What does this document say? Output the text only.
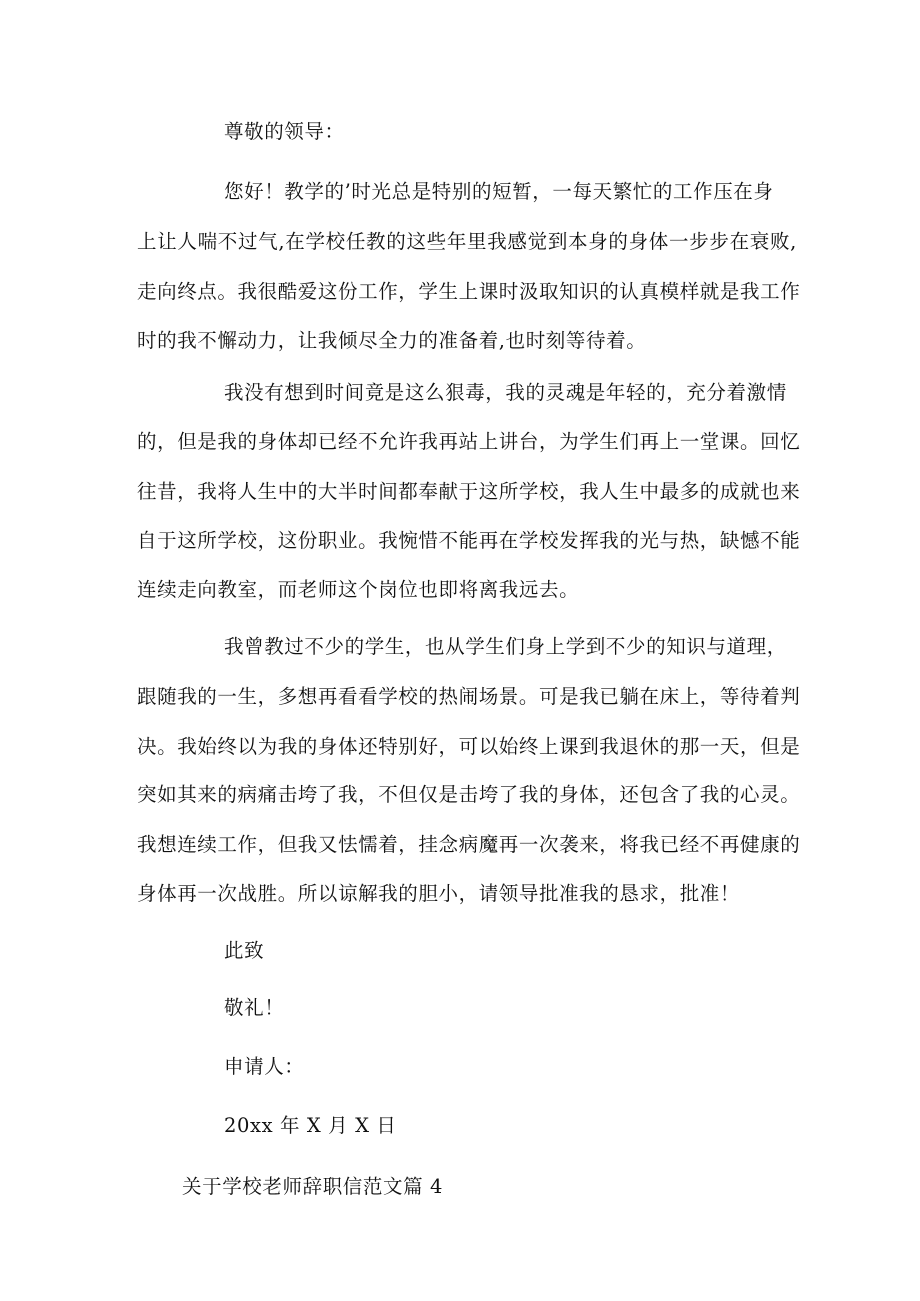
尊敬的领导：
您好！教学的’时光总是特别的短暂，一每天繁忙的工作压在身
上让人喘不过气,在学校任教的这些年里我感觉到本身的身体一步步在衰败,
走向终点。我很酷爱这份工作，学生上课时汲取知识的认真模样就是我工作
时的我不懈动力，让我倾尽全力的准备着,也时刻等待着。
我没有想到时间竟是这么狠毒，我的灵魂是年轻的，充分着激情
的，但是我的身体却已经不允许我再站上讲台，为学生们再上一堂课。回忆
往昔，我将人生中的大半时间都奉献于这所学校，我人生中最多的成就也来
自于这所学校，这份职业。我惋惜不能再在学校发挥我的光与热，缺憾不能
连续走向教室，而老师这个岗位也即将离我远去。
我曾教过不少的学生，也从学生们身上学到不少的知识与道理，
跟随我的一生，多想再看看学校的热闹场景。可是我已躺在床上，等待着判
决。我始终以为我的身体还特别好，可以始终上课到我退休的那一天，但是
突如其来的病痛击垮了我，不但仅是击垮了我的身体，还包含了我的心灵。
我想连续工作，但我又怯懦着，挂念病魔再一次袭来，将我已经不再健康的
身体再一次战胜。所以谅解我的胆小，请领导批准我的恳求，批准！
此致
敬礼！
申请人：
20xx 年 X 月 X 日
关于学校老师辞职信范文篇 4
